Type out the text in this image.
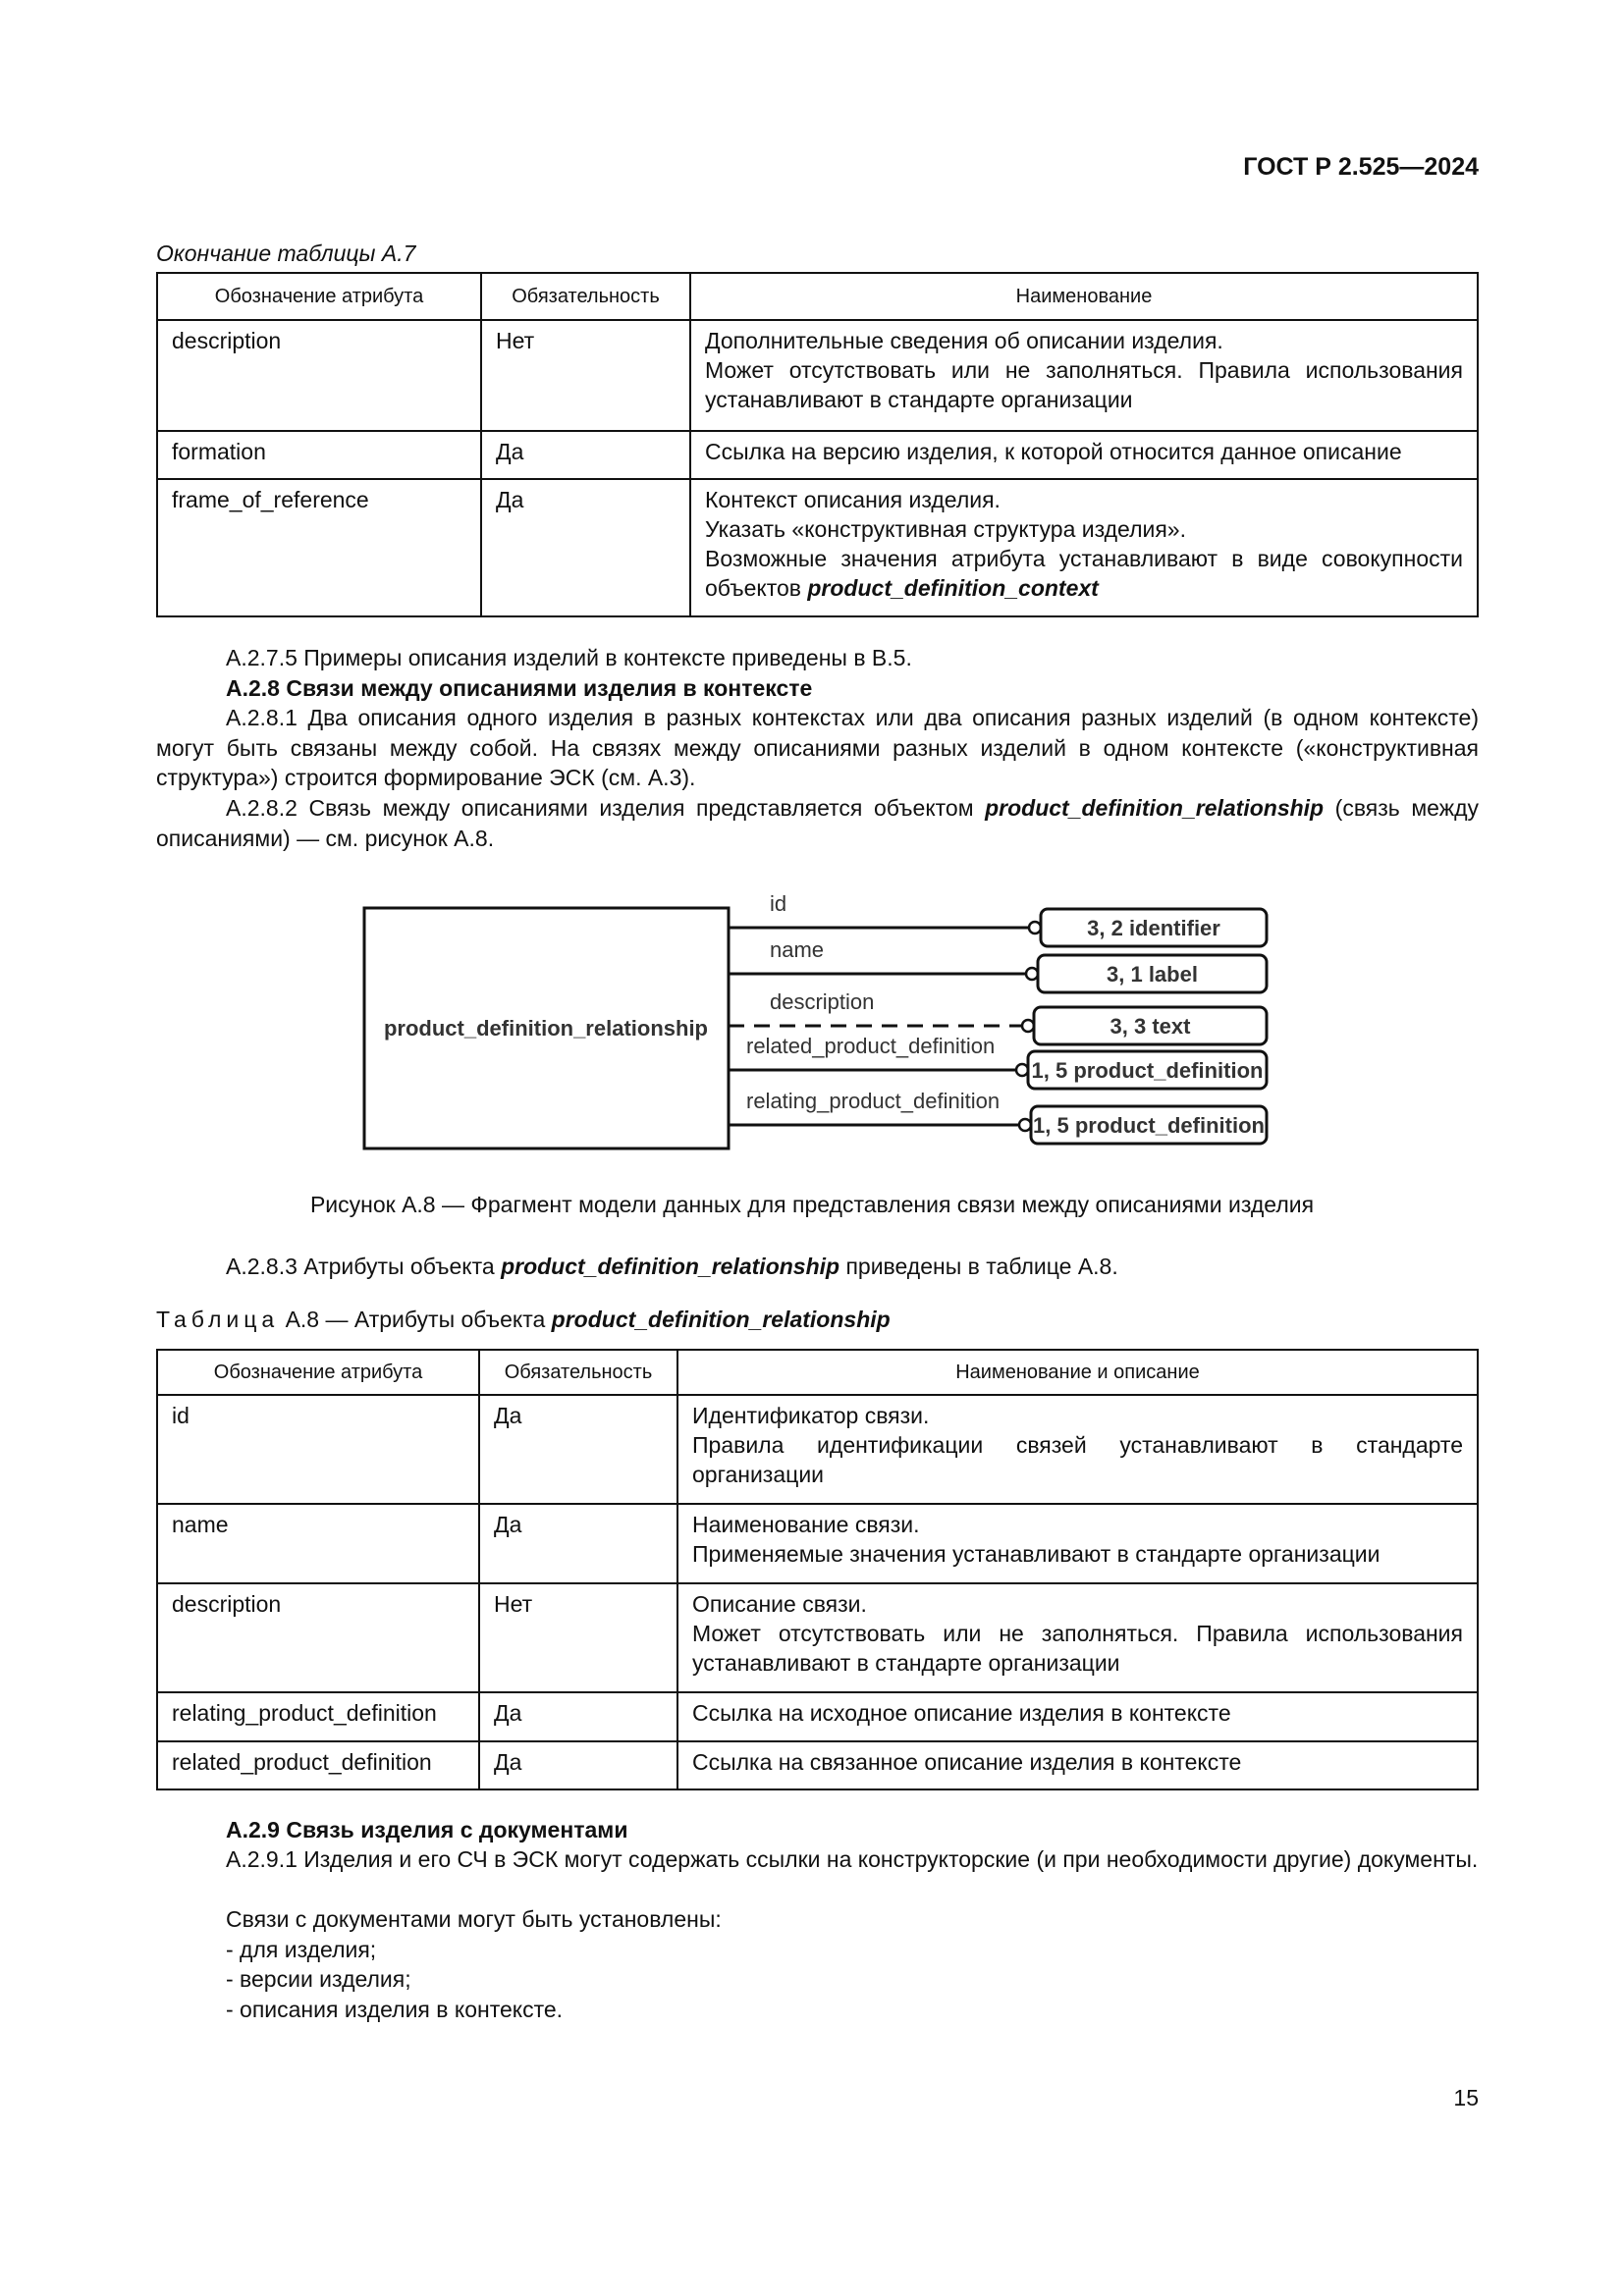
ГОСТ Р 2.525—2024
Окончание таблицы А.7
Обозначение атрибута	Обязательность	Наименование
description	Нет	Дополнительные сведения об описании изделия.
Может отсутствовать или не заполняться. Правила использования устанавливают в стандарте организации

formation	Да	Ссылка на версию изделия, к которой относится данное описание
frame_of_reference	Да	Контекст описания изделия.
Указать «конструктивная структура изделия».
Возможные значения атрибута устанавливают в виде совокупности объектов product_definition_context
А.2.7.5 Примеры описания изделий в контексте приведены в В.5.
А.2.8 Связи между описаниями изделия в контексте
А.2.8.1 Два описания одного изделия в разных контекстах или два описания разных изделий (в одном контексте) могут быть связаны между собой. На связях между описаниями разных изделий в одном контексте («конструктивная структура») строится формирование ЭСК (см. А.3).
А.2.8.2 Связь между описаниями изделия представляется объектом product_definition_relationship (связь между описаниями) — см. рисунок А.8.
product_definition_relationship
3, 2 identifier
id
3, 1 label
name
3, 3 text
description
1, 5 product_definition
related_product_definition
1, 5 product_definition
relating_product_definition
Рисунок А.8 — Фрагмент модели данных для представления связи между описаниями изделия
А.2.8.3 Атрибуты объекта product_definition_relationship приведены в таблице А.8.
Таблица А.8 — Атрибуты объекта product_definition_relationship
Обозначение атрибута	Обязательность	Наименование и описание
id	Да	Идентификатор связи.
Правила идентификации связей устанавливают в стандарте организации

name	Да	Наименование связи.
Применяемые значения устанавливают в стандарте организации

description	Нет	Описание связи.
Может отсутствовать или не заполняться. Правила использования устанавливают в стандарте организации

relating_product_definition	Да	Ссылка на исходное описание изделия в контексте
related_product_definition	Да	Ссылка на связанное описание изделия в контексте
А.2.9 Связь изделия с документами
А.2.9.1 Изделия и его СЧ в ЭСК могут содержать ссылки на конструкторские (и при необходимости другие) документы.
Связи с документами могут быть установлены:
- для изделия;
- версии изделия;
- описания изделия в контексте.
15
